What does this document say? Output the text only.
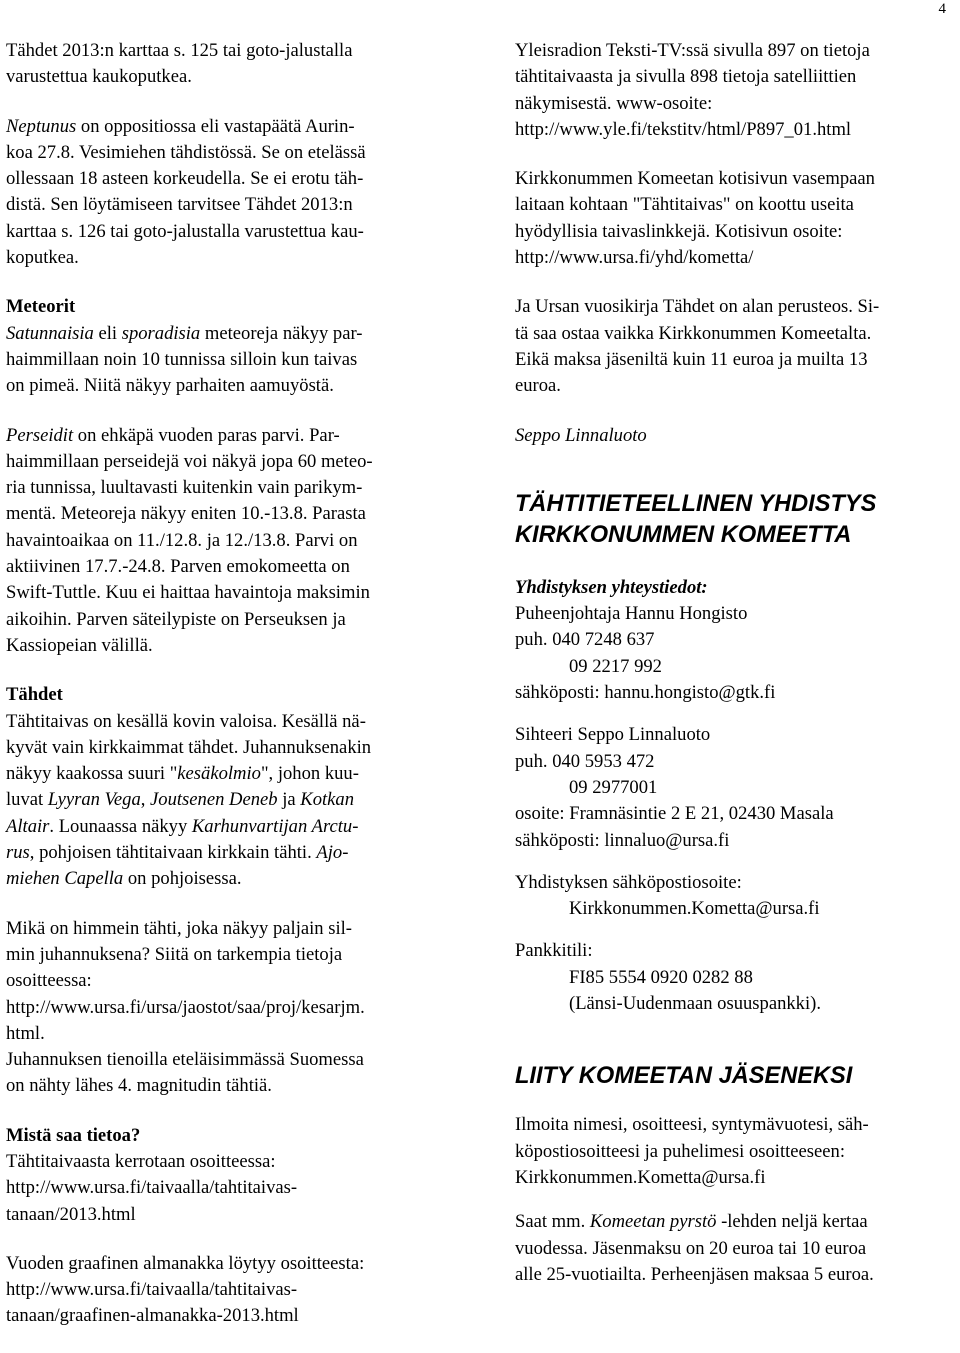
4

Tähdet 2013:n karttaa s. 125 tai goto-jalustalla
varustettua kaukoputkea.

Neptunus on oppositiossa eli vastapäätä Aurin-
koa 27.8. Vesimiehen tähdistössä. Se on etelässä
ollessaan 18 asteen korkeudella. Se ei erotu täh-
distä. Sen löytämiseen tarvitsee Tähdet 2013:n
karttaa s. 126 tai goto-jalustalla varustettua kau-
koputkea.

Meteorit
Satunnaisia eli sporadisia meteoreja näkyy par-
haimmillaan noin 10 tunnissa silloin kun taivas
on pimeä. Niitä näkyy parhaiten aamuyöstä.

Perseidit on ehkäpä vuoden paras parvi. Par-
haimmillaan perseidejä voi näkyä jopa 60 meteo-
ria tunnissa, luultavasti kuitenkin vain parikym-
mentä. Meteoreja näkyy eniten 10.-13.8. Parasta
havaintoaikaa on 11./12.8. ja 12./13.8. Parvi on
aktiivinen 17.7.-24.8. Parven emokomeetta on
Swift-Tuttle. Kuu ei haittaa havaintoja maksimin
aikoihin. Parven säteilypiste on Perseuksen ja
Kassiopeian välillä.

Tähdet
Tähtitaivas on kesällä kovin valoisa. Kesällä nä-
kyvät vain kirkkaimmat tähdet. Juhannuksenakin
näkyy kaakossa suuri "kesäkolmio", johon kuu-
luvat Lyyran Vega, Joutsenen Deneb ja Kotkan
Altair. Lounaassa näkyy Karhunvartijan Arctu-
rus, pohjoisen tähtitaivaan kirkkain tähti. Ajo-
miehen Capella on pohjoisessa.

Mikä on himmein tähti, joka näkyy paljain sil-
min juhannuksena? Siitä on tarkempia tietoja
osoitteessa:
http://www.ursa.fi/ursa/jaostot/saa/proj/kesarjm.
html.
Juhannuksen tienoilla eteläisimmässä Suomessa
on nähty lähes 4. magnitudin tähtiä.

Mistä saa tietoa?
Tähtitaivaasta kerrotaan osoitteessa:
http://www.ursa.fi/taivaalla/tahtitaivas-
tanaan/2013.html

Vuoden graafinen almanakka löytyy osoitteesta:
http://www.ursa.fi/taivaalla/tahtitaivas-
tanaan/graafinen-almanakka-2013.html

Yleisradion Teksti-TV:ssä sivulla 897 on tietoja
tähtitaivaasta ja sivulla 898 tietoja satelliittien
näkymisestä. www-osoite:
http://www.yle.fi/tekstitv/html/P897_01.html

Kirkkonummen Komeetan kotisivun vasempaan
laitaan kohtaan "Tähtitaivas" on koottu useita
hyödyllisia taivaslinkkejä. Kotisivun osoite:
http://www.ursa.fi/yhd/kometta/

Ja Ursan vuosikirja Tähdet on alan perusteos. Si-
tä saa ostaa vaikka Kirkkonummen Komeetalta.
Eikä maksa jäseniltä kuin 11 euroa ja muilta 13
euroa.

Seppo Linnaluoto

TÄHTITIETEELLINEN YHDISTYS
KIRKKONUMMEN KOMEETTA

Yhdistyksen yhteystiedot:
Puheenjohtaja Hannu Hongisto
puh. 040 7248 637
09 2217 992
sähköposti: hannu.hongisto@gtk.fi

Sihteeri Seppo Linnaluoto
puh. 040 5953 472
09 2977001
osoite: Framnäsintie 2 E 21, 02430 Masala
sähköposti: linnaluo@ursa.fi

Yhdistyksen sähköpostiosoite:
Kirkkonummen.Kometta@ursa.fi

Pankkitili:
FI85 5554 0920 0282 88
(Länsi-Uudenmaan osuuspankki).

LIITY KOMEETAN JÄSENEKSI

Ilmoita nimesi, osoitteesi, syntymävuotesi, säh-
köpostiosoitteesi ja puhelimesi osoitteeseen:
Kirkkonummen.Kometta@ursa.fi

Saat mm. Komeetan pyrstö -lehden neljä kertaa
vuodessa. Jäsenmaksu on 20 euroa tai 10 euroa
alle 25-vuotiailta. Perheenjäsen maksaa 5 euroa.
